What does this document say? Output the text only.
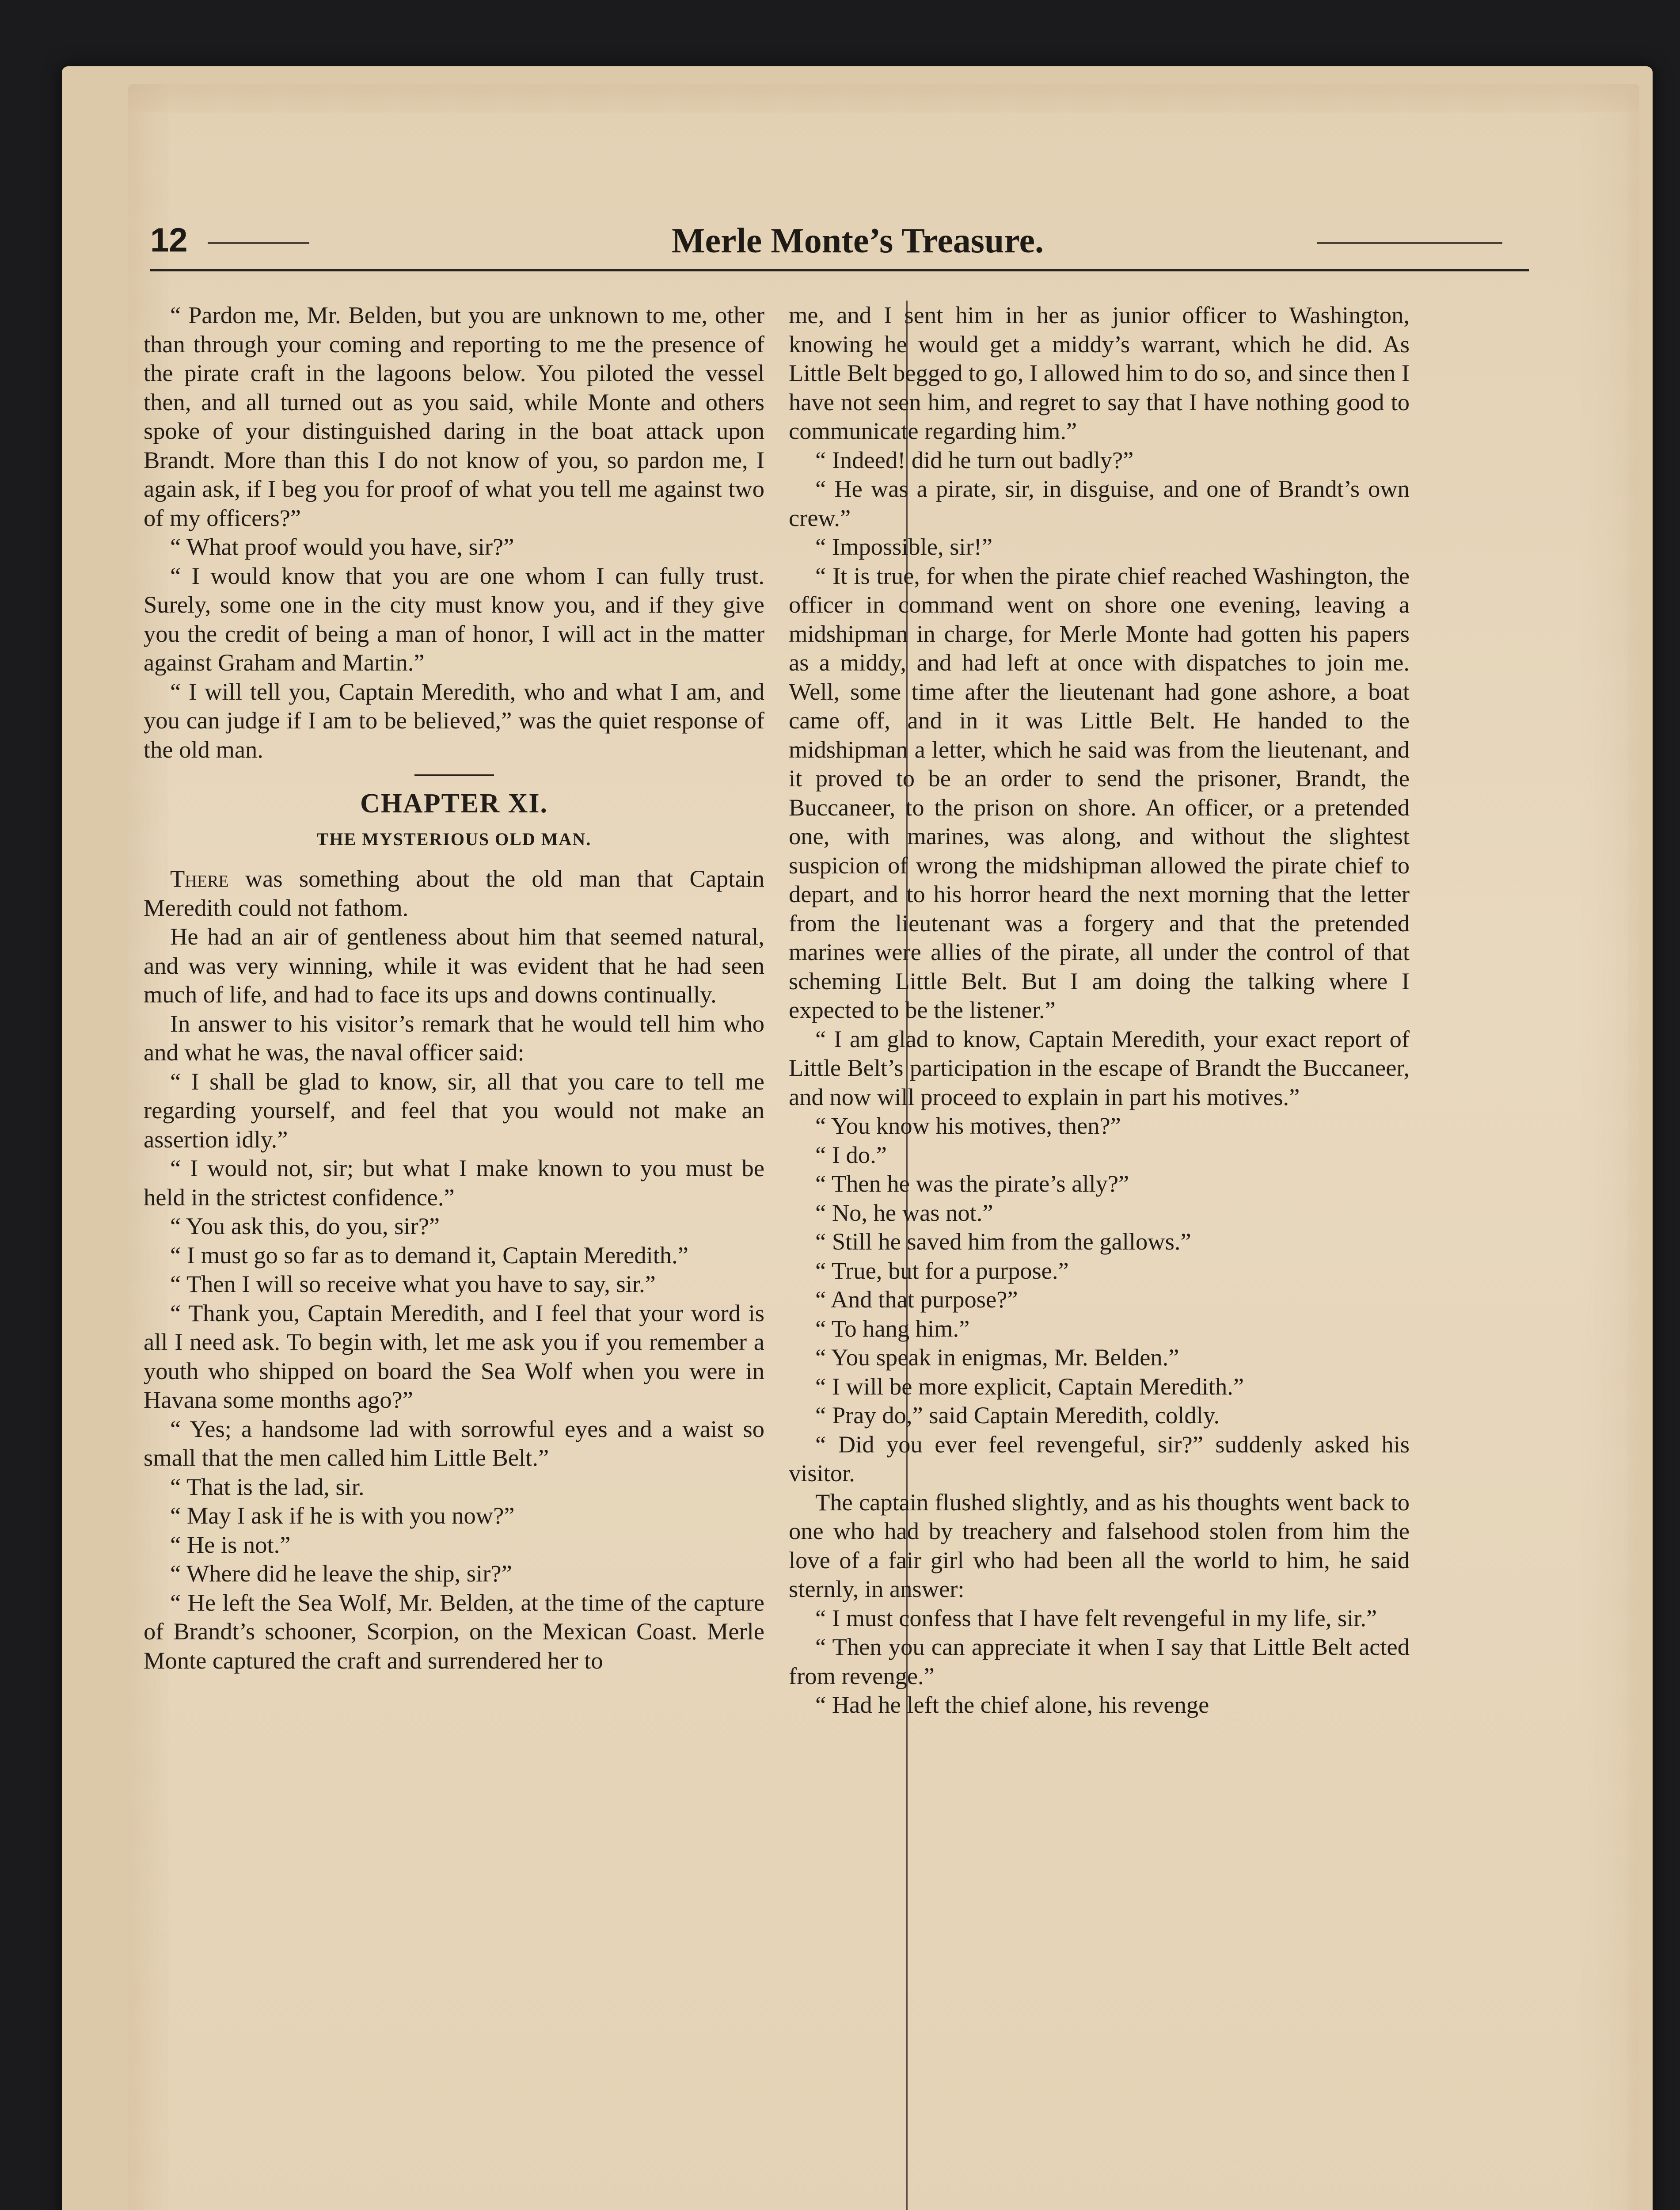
12	Merle Monte’s Treasure.

“ Pardon me, Mr. Belden, but you are unknown to me, other than through your coming and reporting to me the presence of the pirate craft in the lagoons below. You piloted the vessel then, and all turned out as you said, while Monte and others spoke of your distinguished daring in the boat attack upon Brandt. More than this I do not know of you, so pardon me, I again ask, if I beg you for proof of what you tell me against two of my officers?”

“ What proof would you have, sir?”

“ I would know that you are one whom I can fully trust. Surely, some one in the city must know you, and if they give you the credit of being a man of honor, I will act in the matter against Graham and Martin.”

“ I will tell you, Captain Meredith, who and what I am, and you can judge if I am to be believed,” was the quiet response of the old man.

CHAPTER XI.
THE MYSTERIOUS OLD MAN.

There was something about the old man that Captain Meredith could not fathom.

He had an air of gentleness about him that seemed natural, and was very winning, while it was evident that he had seen much of life, and had to face its ups and downs continually.

In answer to his visitor’s remark that he would tell him who and what he was, the naval officer said:

“ I shall be glad to know, sir, all that you care to tell me regarding yourself, and feel that you would not make an assertion idly.”

“ I would not, sir; but what I make known to you must be held in the strictest confidence.”

“ You ask this, do you, sir?”

“ I must go so far as to demand it, Captain Meredith.”

“ Then I will so receive what you have to say, sir.”

“ Thank you, Captain Meredith, and I feel that your word is all I need ask. To begin with, let me ask you if you remember a youth who shipped on board the Sea Wolf when you were in Havana some months ago?”

“ Yes; a handsome lad with sorrowful eyes and a waist so small that the men called him Little Belt.”

“ That is the lad, sir.

“ May I ask if he is with you now?”

“ He is not.”

“ Where did he leave the ship, sir?”

“ He left the Sea Wolf, Mr. Belden, at the time of the capture of Brandt’s schooner, Scorpion, on the Mexican Coast. Merle Monte captured the craft and surrendered her to

me, and I sent him in her as junior officer to Washington, knowing he would get a middy’s warrant, which he did. As Little Belt begged to go, I allowed him to do so, and since then I have not seen him, and regret to say that I have nothing good to communicate regarding him.”

“ Indeed! did he turn out badly?”

“ He was a pirate, sir, in disguise, and one of Brandt’s own crew.”

“ Impossible, sir!”

“ It is true, for when the pirate chief reached Washington, the officer in command went on shore one evening, leaving a midshipman in charge, for Merle Monte had gotten his papers as a middy, and had left at once with dispatches to join me. Well, some time after the lieutenant had gone ashore, a boat came off, and in it was Little Belt. He handed to the midshipman a letter, which he said was from the lieutenant, and it proved to be an order to send the prisoner, Brandt, the Buccaneer, to the prison on shore. An officer, or a pretended one, with marines, was along, and without the slightest suspicion of wrong the midshipman allowed the pirate chief to depart, and to his horror heard the next morning that the letter from the lieutenant was a forgery and that the pretended marines were allies of the pirate, all under the control of that scheming Little Belt. But I am doing the talking where I expected to be the listener.”

“ I am glad to know, Captain Meredith, your exact report of Little Belt’s participation in the escape of Brandt the Buccaneer, and now will proceed to explain in part his motives.”

“ You know his motives, then?”

“ I do.”

“ Then he was the pirate’s ally?”

“ No, he was not.”

“ Still he saved him from the gallows.”

“ True, but for a purpose.”

“ And that purpose?”

“ To hang him.”

“ You speak in enigmas, Mr. Belden.”

“ I will be more explicit, Captain Meredith.”

“ Pray do,” said Captain Meredith, coldly.

“ Did you ever feel revengeful, sir?” suddenly asked his visitor.

The captain flushed slightly, and as his thoughts went back to one who had by treachery and falsehood stolen from him the love of a fair girl who had been all the world to him, he said sternly, in answer:

“ I must confess that I have felt revengeful in my life, sir.”

“ Then you can appreciate it when I say that Little Belt acted from revenge.”

“ Had he left the chief alone, his revenge
